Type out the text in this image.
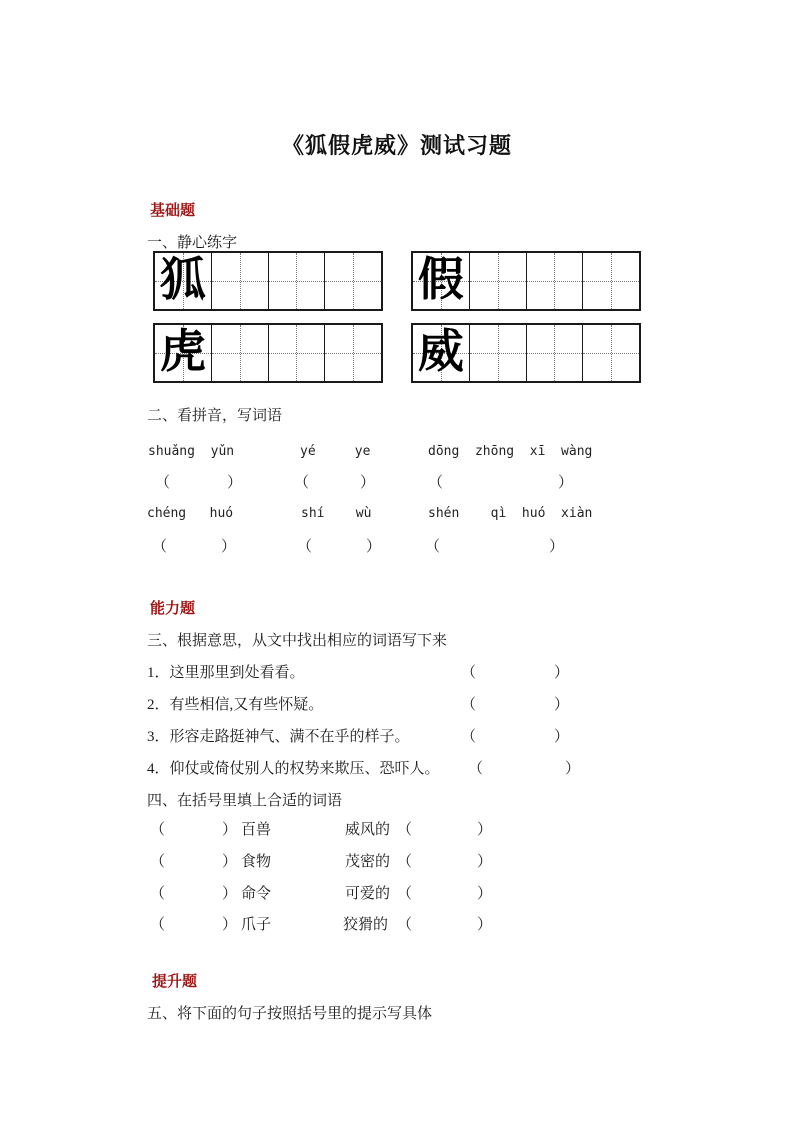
《狐假虎威》测试习题
基础题
一、静心练字
狐	假
虎	威
二、看拼音，写词语
shuǎng  yǔn	yé     ye	dōng  zhōng  xī  wàng
（	）	（	）	（	）
chéng   huó	shí    wù	shén    qì  huó  xiàn
（	）	（	）	（	）
能力题
三、根据意思，从文中找出相应的词语写下来
1．这里那里到处看看。	（	）
2．有些相信,又有些怀疑。	（	）
3．形容走路挺神气、满不在乎的样子。	（	）
4．仰仗或倚仗别人的权势来欺压、恐吓人。 （	）
四、在括号里填上合适的词语
（	） 百兽	威风的 （	）
（	） 食物	茂密的 （	）
（	） 命令	可爱的 （	）
（	） 爪子	狡猾的 （	）
提升题
五、将下面的句子按照括号里的提示写具体
